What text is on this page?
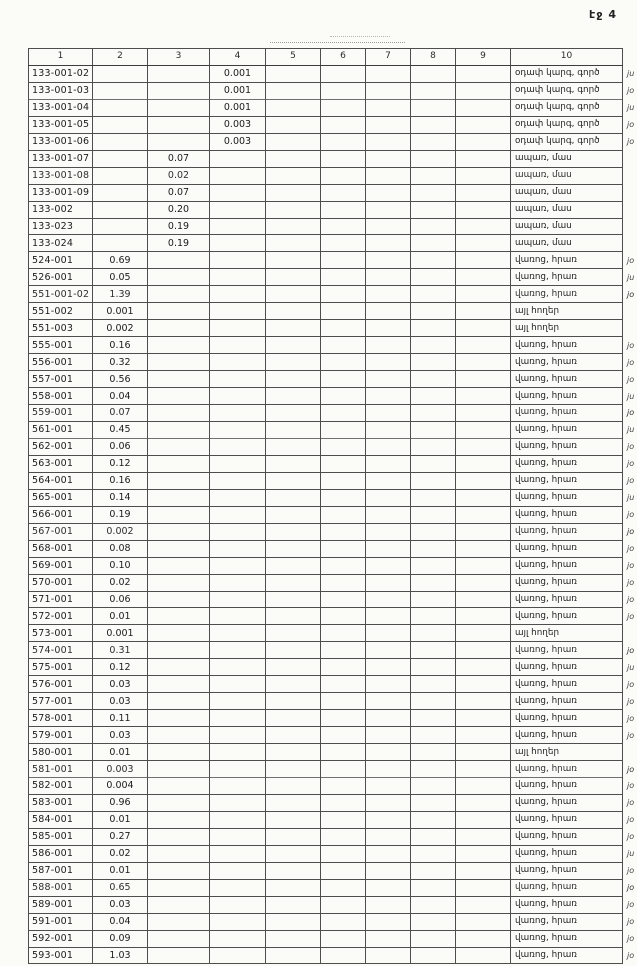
էջ 4
1	2	3	4	5	6	7	8	9	10	
133-001-02			0.001						օդափ կարգ, գործ	ju
133-001-03			0.001						օդափ կարգ, գործ	jo
133-001-04			0.001						օդափ կարգ, գործ	ju
133-001-05			0.003						օդափ կարգ, գործ	jo
133-001-06			0.003						օդափ կարգ, գործ	jo
133-001-07		0.07							ապառ, մաս	
133-001-08		0.02							ապառ, մաս	
133-001-09		0.07							ապառ, մաս	
133-002		0.20							ապառ, մաս	
133-023		0.19							ապառ, մաս	
133-024		0.19							ապառ, մաս	
524-001	0.69								վառոց, հրառ	jo
526-001	0.05								վառոց, հրառ	ju
551-001-02	1.39								վառոց, հրառ	jo
551-002	0.001								այլ հողեր	
551-003	0.002								այլ հողեր	
555-001	0.16								վառոց, հրառ	jo
556-001	0.32								վառոց, հրառ	jo
557-001	0.56								վառոց, հրառ	jo
558-001	0.04								վառոց, հրառ	ju
559-001	0.07								վառոց, հրառ	jo
561-001	0.45								վառոց, հրառ	ju
562-001	0.06								վառոց, հրառ	jo
563-001	0.12								վառոց, հրառ	jo
564-001	0.16								վառոց, հրառ	jo
565-001	0.14								վառոց, հրառ	ju
566-001	0.19								վառոց, հրառ	jo
567-001	0.002								վառոց, հրառ	jo
568-001	0.08								վառոց, հրառ	jo
569-001	0.10								վառոց, հրառ	jo
570-001	0.02								վառոց, հրառ	jo
571-001	0.06								վառոց, հրառ	jo
572-001	0.01								վառոց, հրառ	jo
573-001	0.001								այլ հողեր	
574-001	0.31								վառոց, հրառ	jo
575-001	0.12								վառոց, հրառ	ju
576-001	0.03								վառոց, հրառ	jo
577-001	0.03								վառոց, հրառ	jo
578-001	0.11								վառոց, հրառ	jo
579-001	0.03								վառոց, հրառ	jo
580-001	0.01								այլ հողեր	
581-001	0.003								վառոց, հրառ	jo
582-001	0.004								վառոց, հրառ	jo
583-001	0.96								վառոց, հրառ	jo
584-001	0.01								վառոց, հրառ	jo
585-001	0.27								վառոց, հրառ	jo
586-001	0.02								վառոց, հրառ	ju
587-001	0.01								վառոց, հրառ	jo
588-001	0.65								վառոց, հրառ	jo
589-001	0.03								վառոց, հրառ	jo
591-001	0.04								վառոց, հրառ	jo
592-001	0.09								վառոց, հրառ	jo
593-001	1.03								վառոց, հրառ	jo
